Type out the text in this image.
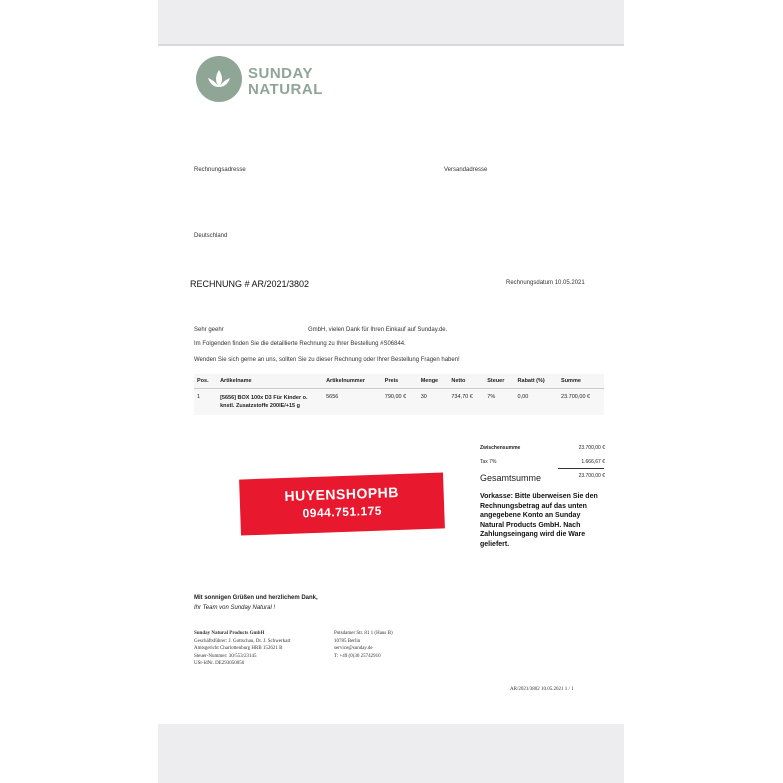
SUNDAY
NATURAL
Rechnungsadresse	Versandadresse
Deutschland
RECHNUNG # AR/2021/3802	Rechnungsdatum 10.05.2021
Sehr geehr	GmbH, vielen Dank für Ihren Einkauf auf Sunday.de.
Im Folgenden finden Sie die detaillierte Rechnung zu Ihrer Bestellung #S06844.
Wenden Sie sich gerne an uns, sollten Sie zu dieser Rechnung oder Ihrer Bestellung Fragen haben!
Pos.	Artikelname	Artikelnummer	Preis	Menge	Netto	Steuer	Rabatt (%)	Summe
1	[5656] BOX 100x D3 Für Kinder o. knstl. Zusatzstoffe 200IE/+15 g	5656	790,00 €	30	734,70 €	7%	0,00	23.700,00 €
Zwischensumme	23.700,00 €
Tax 7%	1.666,67 €
Gesamtsumme	23.700,00 €
Vorkasse: Bitte überweisen Sie den Rechnungsbetrag auf das unten angegebene Konto an Sunday Natural Products GmbH. Nach Zahlungseingang wird die Ware geliefert.
HUYENSHOPHB
0944.751.175
Mit sonnigen Grüßen und herzlichem Dank,
Ihr Team von Sunday Natural !
Sunday Natural Products GmbH
Geschäftsführer: J. Gottschau, Dr. J. Schwerkart
Amtsgericht Charlottenburg HRB 152621 B
Steuer-Nummer: 30/553/23145
USt-IdNr. DE293050056
Potsdamer Str. 81 1 (Haus B)
10785 Berlin
service@sunday.de
T: +49 (0)30 25742910
AR/2021/3802 10.05.2021 1 / 1
